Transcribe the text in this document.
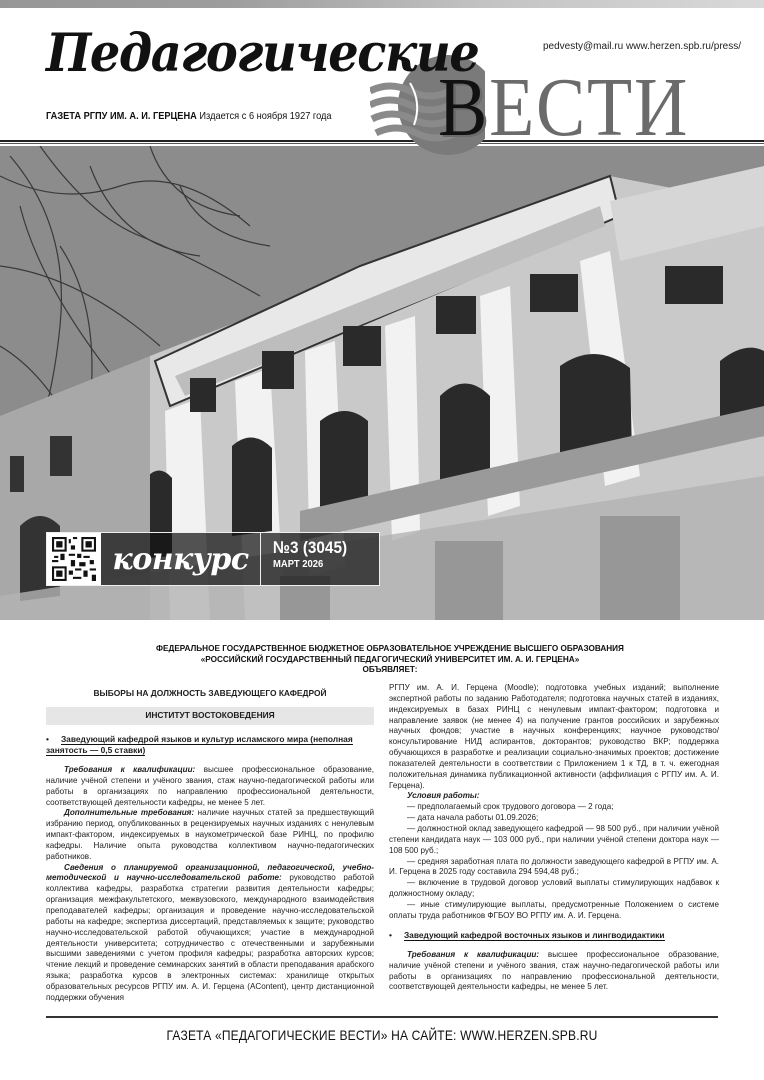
Педагогические
ВЕСТИ
pedvesty@mail.ru www.herzen.spb.ru/press/
ГАЗЕТА РГПУ ИМ. А. И. ГЕРЦЕНА Издается с 6 ноября 1927 года
конкурс	№3 (3045)
МАРТ 2026
ФЕДЕРАЛЬНОЕ ГОСУДАРСТВЕННОЕ БЮДЖЕТНОЕ ОБРАЗОВАТЕЛЬНОЕ УЧРЕЖДЕНИЕ ВЫСШЕГО ОБРАЗОВАНИЯ
«РОССИЙСКИЙ ГОСУДАРСТВЕННЫЙ ПЕДАГОГИЧЕСКИЙ УНИВЕРСИТЕТ ИМ. А. И. ГЕРЦЕНА»
ОБЪЯВЛЯЕТ:
ВЫБОРЫ НА ДОЛЖНОСТЬ ЗАВЕДУЮЩЕГО КАФЕДРОЙ
ИНСТИТУТ ВОСТОКОВЕДЕНИЯ
• Заведующий кафедрой языков и культур исламского мира (неполная занятость — 0,5 ставки)

Требования к квалификации: высшее профессиональное образование, наличие учёной степени и учёного звания, стаж научно-педагогической работы или работы в организациях по направлению профессиональной деятельности, соответствующей деятельности кафедры, не менее 5 лет.

Дополнительные требования: наличие научных статей за предшествующий избранию период, опубликованных в рецензируемых научных изданиях с ненулевым импакт-фактором, индексируемых в наукометрической базе РИНЦ, по профилю кафедры. Наличие опыта руководства коллективом научно-педагогических работников.

Сведения о планируемой организационной, педагогической, учебно-методической и научно-исследовательской работе: руководство работой коллектива кафедры, разработка стратегии развития деятельности кафедры; организация межфакультетского, межвузовского, международного взаимодействия преподавателей кафедры; организация и проведение научно-исследовательской работы на кафедре; экспертиза диссертаций, представляемых к защите; руководство научно-исследовательской работой обучающихся; участие в международной деятельности университета; сотрудничество с отечественными и зарубежными высшими заведениями с учетом профиля кафедры; разработка авторских курсов; чтение лекций и проведение семинарских занятий в области преподавания арабского языка; разработка курсов в электронных системах: хранилище открытых образовательных ресурсов РГПУ им. А. И. Герцена (AContent), центр дистанционной поддержки обучения

РГПУ им. А. И. Герцена (Moodle); подготовка учебных изданий; выполнение экспертной работы по заданию Работодателя; подготовка научных статей в изданиях, индексируемых в базах РИНЦ с ненулевым импакт-фактором; подготовка и направление заявок (не менее 4) на получение грантов российских и зарубежных научных фондов; участие в научных конференциях; научное руководство/консультирование НИД аспирантов, докторантов; руководство ВКР; поддержка обучающихся в разработке и реализации социально-значимых проектов; достижение показателей деятельности в соответствии с Приложением 1 к ТД, в т. ч. ежегодная положительная динамика публикационной активности (аффилиация с РГПУ им. А. И. Герцена).

Условия работы:

— предполагаемый срок трудового договора — 2 года;

— дата начала работы 01.09.2026;

— должностной оклад заведующего кафедрой — 98 500 руб., при наличии учёной степени кандидата наук — 103 000 руб., при наличии учёной степени доктора наук — 108 500 руб.;

— средняя заработная плата по должности заведующего кафедрой в РГПУ им. А. И. Герцена в 2025 году составила 294 594,48 руб.;

— включение в трудовой договор условий выплаты стимулирующих надбавок к должностному окладу;

— иные стимулирующие выплаты, предусмотренные Положением о системе оплаты труда работников ФГБОУ ВО РГПУ им. А. И. Герцена.

• Заведующий кафедрой восточных языков и лингводидактики

Требования к квалификации: высшее профессиональное образование, наличие учёной степени и учёного звания, стаж научно-педагогической работы или работы в организациях по направлению профессиональной деятельности, соответствующей деятельности кафедры, не менее 5 лет.

ГАЗЕТА «ПЕДАГОГИЧЕСКИЕ ВЕСТИ» НА САЙТЕ: WWW.HERZEN.SPB.RU
